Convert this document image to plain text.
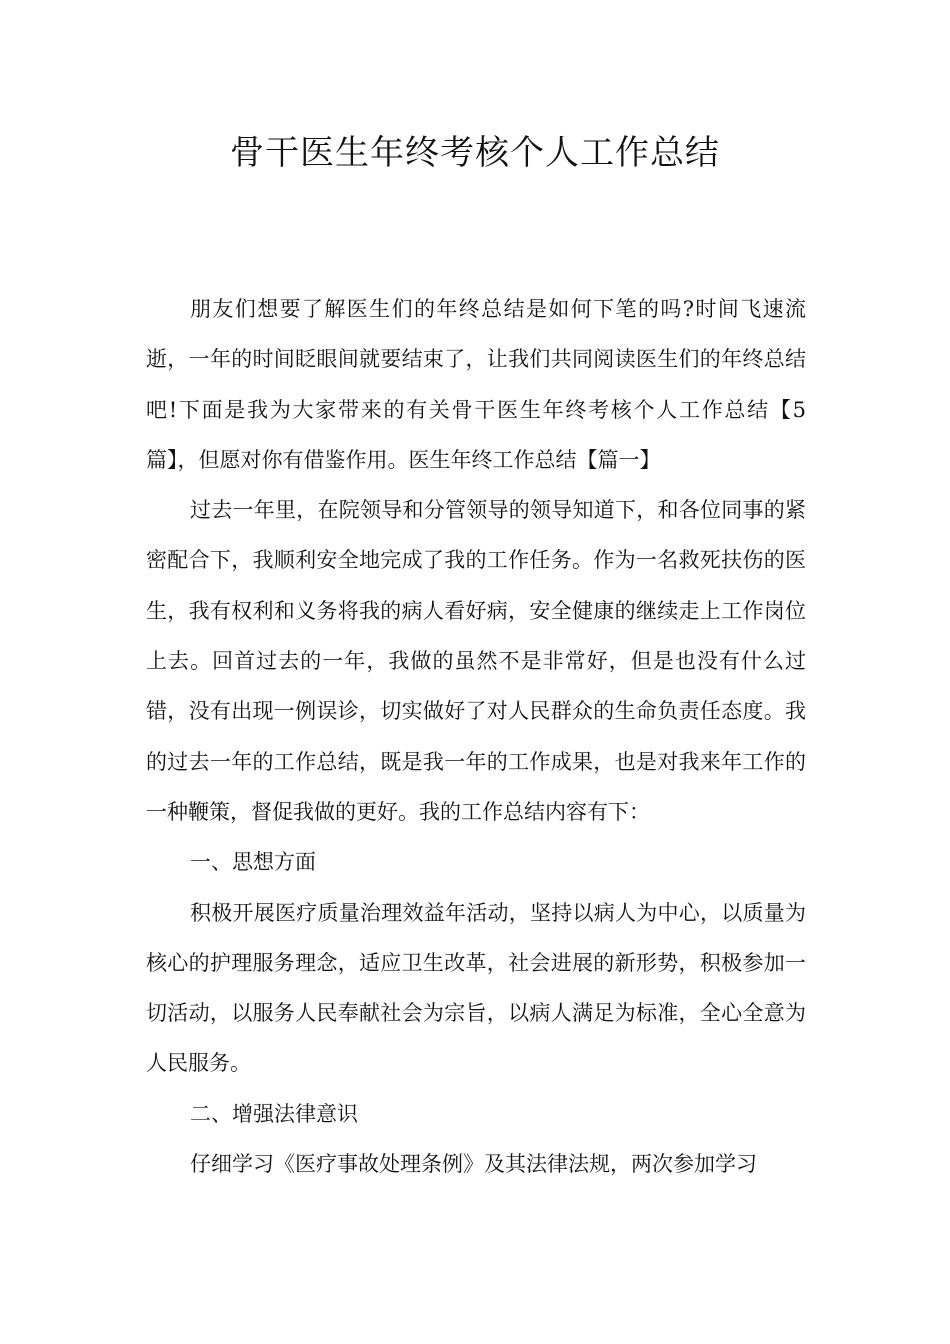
骨干医生年终考核个人工作总结

朋友们想要了解医生们的年终总结是如何下笔的吗?时间飞速流逝，一年的时间眨眼间就要结束了，让我们共同阅读医生们的年终总结吧!下面是我为大家带来的有关骨干医生年终考核个人工作总结【5篇】，但愿对你有借鉴作用。医生年终工作总结【篇一】

过去一年里，在院领导和分管领导的领导知道下，和各位同事的紧密配合下，我顺利安全地完成了我的工作任务。作为一名救死扶伤的医生，我有权利和义务将我的病人看好病，安全健康的继续走上工作岗位上去。回首过去的一年，我做的虽然不是非常好，但是也没有什么过错，没有出现一例误诊，切实做好了对人民群众的生命负责任态度。我的过去一年的工作总结，既是我一年的工作成果，也是对我来年工作的一种鞭策，督促我做的更好。我的工作总结内容有下：

一、思想方面

积极开展医疗质量治理效益年活动，坚持以病人为中心，以质量为核心的护理服务理念，适应卫生改革，社会进展的新形势，积极参加一切活动，以服务人民奉献社会为宗旨，以病人满足为标准，全心全意为人民服务。

二、增强法律意识

仔细学习《医疗事故处理条例》及其法律法规，两次参加学习
